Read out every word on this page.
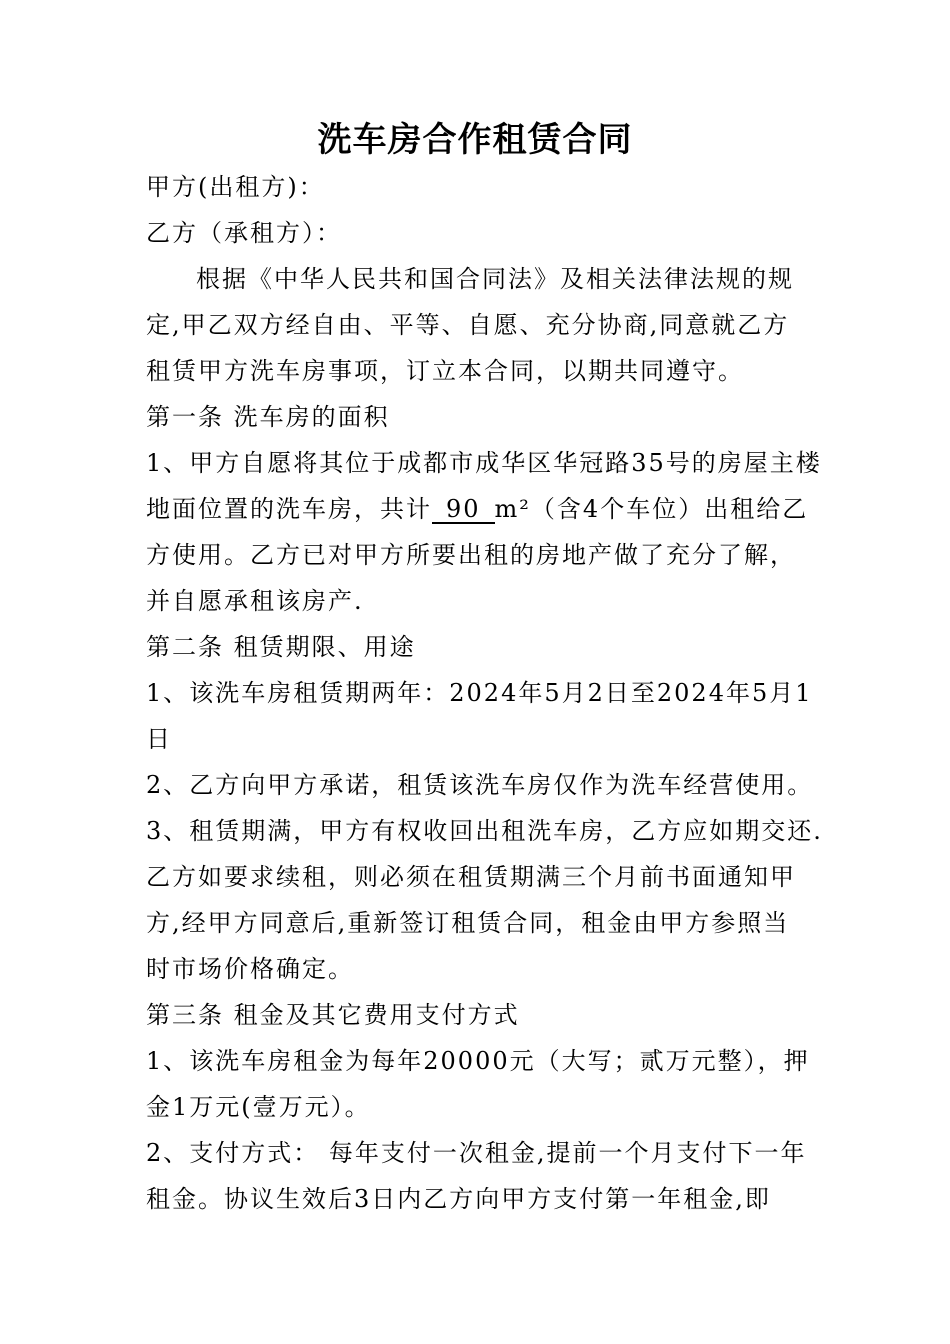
洗车房合作租赁合同
甲方(出租方)：
乙方（承租方）：
根据《中华人民共和国合同法》及相关法律法规的规
定,甲乙双方经自由、平等、自愿、充分协商,同意就乙方
租赁甲方洗车房事项，订立本合同，以期共同遵守。
第一条 洗车房的面积
1、甲方自愿将其位于成都市成华区华冠路35号的房屋主楼
地面位置的洗车房，共计 90 m²（含4个车位）出租给乙
方使用。乙方已对甲方所要出租的房地产做了充分了解，
并自愿承租该房产.
第二条 租赁期限、用途
1、该洗车房租赁期两年：2024年5月2日至2024年5月1
日
2、乙方向甲方承诺，租赁该洗车房仅作为洗车经营使用。
3、租赁期满，甲方有权收回出租洗车房，乙方应如期交还.
乙方如要求续租，则必须在租赁期满三个月前书面通知甲
方,经甲方同意后,重新签订租赁合同，租金由甲方参照当
时市场价格确定。
第三条 租金及其它费用支付方式
1、该洗车房租金为每年20000元（大写；贰万元整），押
金1万元(壹万元）。
2、支付方式： 每年支付一次租金,提前一个月支付下一年
租金。协议生效后3日内乙方向甲方支付第一年租金,即
